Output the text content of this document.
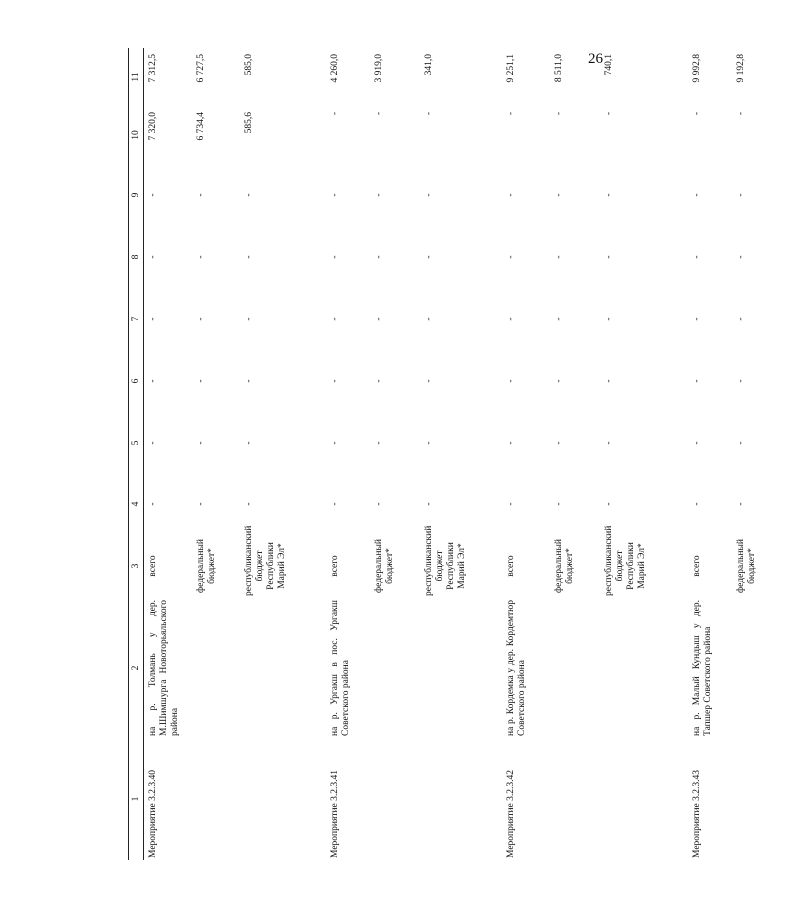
26
1	2	3	4	5	6	7	8	9	10	11
Мероприятие 3.2.3.40	на р. Толмань у дер. М.Шимшурга Новоторьяльского района	всего	-	-	-	-	-	-	7 320,0	7 312,5
		федеральный бюджет*	-	-	-	-	-	-	6 734,4	6 727,5
		республиканский бюджет Республики Марий Эл*	-	-	-	-	-	-	585,6	585,0
Мероприятие 3.2.3.41	на р. Ургакш в пос. Ургакш Советского района	всего	-	-	-	-	-	-	-	4 260,0
		федеральный бюджет*	-	-	-	-	-	-	-	3 919,0
		республиканский бюджет Республики Марий Эл*	-	-	-	-	-	-	-	341,0
Мероприятие 3.2.3.42	на р. Кордемка у дер. Кордемтюр Советского района	всего	-	-	-	-	-	-	-	9 251,1
		федеральный бюджет*	-	-	-	-	-	-	-	8 511,0
		республиканский бюджет Республики Марий Эл*	-	-	-	-	-	-	-	740,1
Мероприятие 3.2.3.43	на р. Малый Кундыш у дер. Тапшер Советского района	всего	-	-	-	-	-	-	-	9 992,8
		федеральный бюджет*	-	-	-	-	-	-	-	9 192,8
